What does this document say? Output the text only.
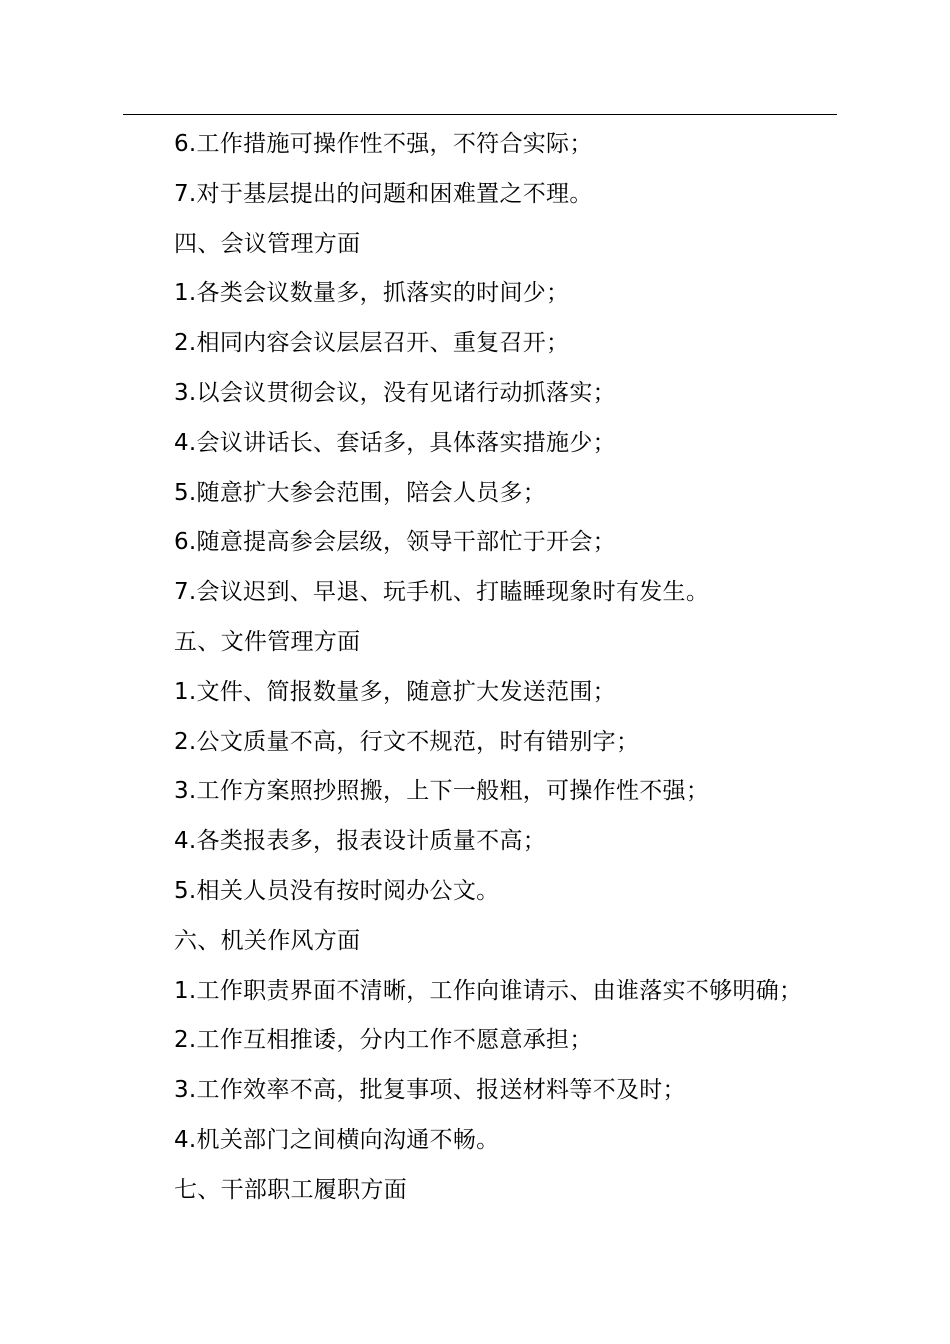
6.工作措施可操作性不强，不符合实际；
7.对于基层提出的问题和困难置之不理。
四、会议管理方面
1.各类会议数量多，抓落实的时间少；
2.相同内容会议层层召开、重复召开；
3.以会议贯彻会议，没有见诸行动抓落实；
4.会议讲话长、套话多，具体落实措施少；
5.随意扩大参会范围，陪会人员多；
6.随意提高参会层级，领导干部忙于开会；
7.会议迟到、早退、玩手机、打瞌睡现象时有发生。
五、文件管理方面
1.文件、简报数量多，随意扩大发送范围；
2.公文质量不高，行文不规范，时有错别字；
3.工作方案照抄照搬，上下一般粗，可操作性不强；
4.各类报表多，报表设计质量不高；
5.相关人员没有按时阅办公文。
六、机关作风方面
1.工作职责界面不清晰，工作向谁请示、由谁落实不够明确；
2.工作互相推诿，分内工作不愿意承担；
3.工作效率不高，批复事项、报送材料等不及时；
4.机关部门之间横向沟通不畅。
七、干部职工履职方面
